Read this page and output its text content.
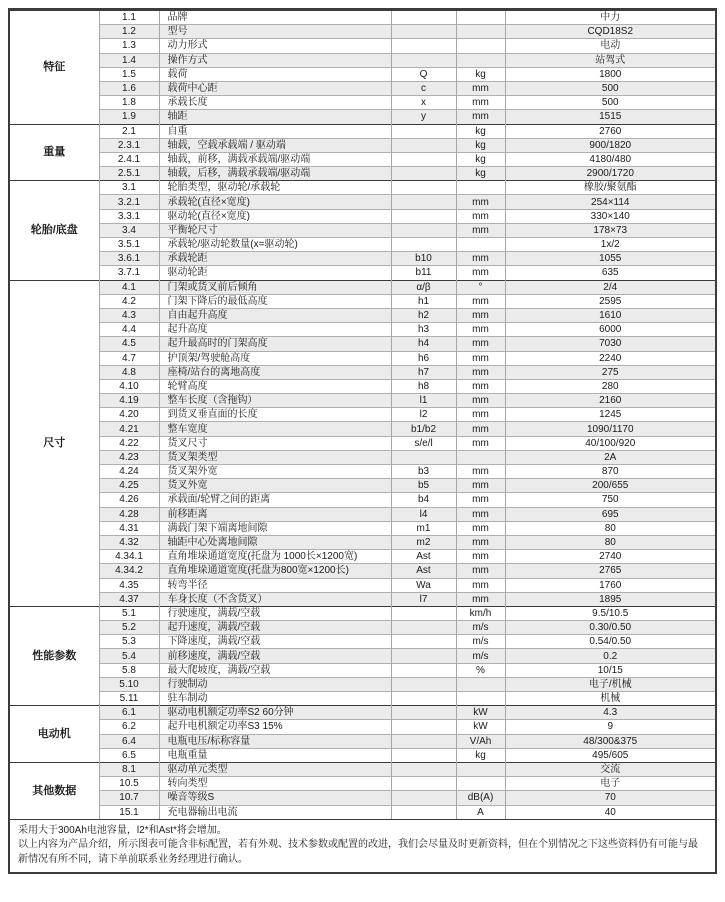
特征	1.1	品牌			中力
	1.2	型号			CQD18S2
	1.3	动力形式			电动
	1.4	操作方式			站驾式
	1.5	载荷	Q	kg	1800
	1.6	载荷中心距	c	mm	500
	1.8	承载长度	x	mm	500
	1.9	轴距	y	mm	1515
重量	2.1	自重		kg	2760
	2.3.1	轴载，空载承载端 / 驱动端		kg	900/1820
	2.4.1	轴载，前移，满载承载端/驱动端		kg	4180/480
	2.5.1	轴载，后移，满载承载端/驱动端		kg	2900/1720
轮胎/底盘	3.1	轮胎类型，驱动轮/承载轮			橡胶/聚氨酯
	3.2.1	承载轮(直径×宽度)		mm	254×114
	3.3.1	驱动轮(直径×宽度)		mm	330×140
	3.4	平衡轮尺寸		mm	178×73
	3.5.1	承载轮/驱动轮数量(x=驱动轮)			1x/2
	3.6.1	承载轮距	b10	mm	1055
	3.7.1	驱动轮距	b11	mm	635
尺寸	4.1	门架或货叉前后倾角	α/β	°	2/4
	4.2	门架下降后的最低高度	h1	mm	2595
	4.3	自由起升高度	h2	mm	1610
	4.4	起升高度	h3	mm	6000
	4.5	起升最高时的门架高度	h4	mm	7030
	4.7	护顶架/驾驶舱高度	h6	mm	2240
	4.8	座椅/站台的离地高度	h7	mm	275
	4.10	轮臂高度	h8	mm	280
	4.19	整车长度（含拖钩）	l1	mm	2160
	4.20	到货叉垂直面的长度	l2	mm	1245
	4.21	整车宽度	b1/b2	mm	1090/1170
	4.22	货叉尺寸	s/e/l	mm	40/100/920
	4.23	货叉架类型			2A
	4.24	货叉架外宽	b3	mm	870
	4.25	货叉外宽	b5	mm	200/655
	4.26	承载面/轮臂之间的距离	b4	mm	750
	4.28	前移距离	l4	mm	695
	4.31	满载门架下端离地间隙	m1	mm	80
	4.32	轴距中心处离地间隙	m2	mm	80
	4.34.1	直角堆垛通道宽度(托盘为 1000长×1200宽)	Ast	mm	2740
	4.34.2	直角堆垛通道宽度(托盘为800宽×1200长)	Ast	mm	2765
	4.35	转弯半径	Wa	mm	1760
	4.37	车身长度（不含货叉）	l7	mm	1895
性能参数	5.1	行驶速度，满载/空载		km/h	9.5/10.5
	5.2	起升速度，满载/空载		m/s	0.30/0.50
	5.3	下降速度，满载/空载		m/s	0.54/0.50
	5.4	前移速度，满载/空载		m/s	0.2
	5.8	最大爬坡度，满载/空载		%	10/15
	5.10	行驶制动			电子/机械
	5.11	驻车制动			机械
电动机	6.1	驱动电机额定功率S2 60分钟		kW	4.3
	6.2	起升电机额定功率S3 15%		kW	9
	6.4	电瓶电压/标称容量		V/Ah	48/300&375
	6.5	电瓶重量		kg	495/605
其他数据	8.1	驱动单元类型			交流
	10.5	转向类型			电子
	10.7	噪音等级S		dB(A)	70
	15.1	充电器输出电流		A	40
采用大于300Ah电池容量，l2*和Ast*将会增加。
以上内容为产品介绍，所示图表可能含非标配置，若有外观、技术参数或配置的改进，我们会尽量及时更新资料，但在个别情况之下这些资料仍有可能与最新情况有所不同，请下单前联系业务经理进行确认。
